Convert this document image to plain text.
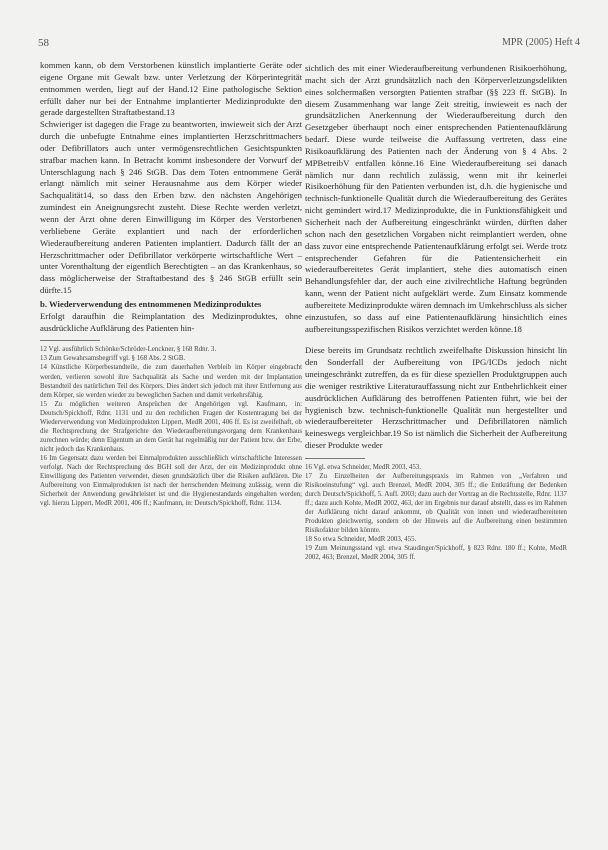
58	MPR (2005) Heft 4

kommen kann, ob dem Verstorbenen künstlich implantierte Geräte oder eigene Organe mit Gewalt bzw. unter Verletzung der Körperintegrität entnommen werden, liegt auf der Hand.12 Eine pathologische Sektion erfüllt daher nur bei der Entnahme implantierter Medizinprodukte den gerade dargestellten Straftatbestand.13

Schwieriger ist dagegen die Frage zu beantworten, inwieweit sich der Arzt durch die unbefugte Entnahme eines implantierten Herzschrittmachers oder Defibrillators auch unter vermögensrechtlichen Gesichtspunkten strafbar machen kann. In Betracht kommt insbesondere der Vorwurf der Unterschlagung nach § 246 StGB. Das dem Toten entnommene Gerät erlangt nämlich mit seiner Herausnahme aus dem Körper wieder Sachqualität14, so dass den Erben bzw. den nächsten Angehörigen zumindest ein Aneignungsrecht zusteht. Diese Rechte werden verletzt, wenn der Arzt ohne deren Einwilligung im Körper des Verstorbenen verbliebene Geräte explantiert und nach der erforderlichen Wiederaufbereitung anderen Patienten implantiert. Dadurch fällt der an Herzschrittmacher oder Defibrillator verkörperte wirtschaftliche Wert – unter Vorenthaltung der eigentlich Berechtigten – an das Krankenhaus, so dass möglicherweise der Straftatbestand des § 246 StGB erfüllt sein dürfte.15

b. Wiederverwendung des entnommenen Medizinproduktes

Erfolgt daraufhin die Reimplantation des Medizinproduktes, ohne ausdrückliche Aufklärung des Patienten hin-

12 Vgl. ausführlich Schönke/Schröder-Lenckner, § 168 Rdnr. 3.

13 Zum Gewahrsamsbegriff vgl. § 168 Abs. 2 StGB.

14 Künstliche Körperbestandteile, die zum dauerhaften Verbleib im Körper eingebracht werden, verlieren sowohl ihre Sachqualität als Sache und werden mit der Implantation Bestandteil des natürlichen Teil des Körpers. Dies ändert sich jedoch mit ihrer Entfernung aus dem Körper, sie werden wieder zu beweglichen Sachen und damit verkehrsfähig.

15 Zu möglichen weiteren Ansprüchen der Angehörigen vgl. Kaufmann, in: Deutsch/Spickhoff, Rdnr. 1131 und zu den rechtlichen Fragen der Kostentragung bei der Wiederverwendung von Medizinprodukten Lippert, MedR 2001, 406 ff. Es ist zweifelhaft, ob die Rechtsprechung der Strafgerichte den Wiederaufbereitungsvorgang dem Krankenhaus zurechnen würde; denn Eigentum an dem Gerät hat regelmäßig nur der Patient bzw. der Erbe, nicht jedoch das Krankenhaus.

16 Im Gegensatz dazu werden bei Einmalprodukten ausschließlich wirtschaftliche Interessen verfolgt. Nach der Rechtsprechung des BGH soll der Arzt, der ein Medizinprodukt ohne Einwilligung des Patienten verwendet, diesen grundsätzlich über die Risiken aufklären. Die Aufbereitung von Einmalprodukten ist nach der herrschenden Meinung zulässig, wenn die Sicherheit der Anwendung gewährleistet ist und die Hygienestandards eingehalten werden; vgl. hierzu Lippert, MedR 2001, 406 ff.; Kaufmann, in: Deutsch/Spickhoff, Rdnr. 1134.

sichtlich des mit einer Wiederaufbereitung verbundenen Risikoerhöhung, macht sich der Arzt grundsätzlich nach den Körperverletzungsdelikten eines solchermaßen versorgten Patienten strafbar (§§ 223 ff. StGB). In diesem Zusammenhang war lange Zeit streitig, inwieweit es nach der grundsätzlichen Anerkennung der Wiederaufbereitung durch den Gesetzgeber überhaupt noch einer entsprechenden Patientenaufklärung bedarf. Diese wurde teilweise die Auffassung vertreten, dass eine Risikoaufklärung des Patienten nach der Änderung von § 4 Abs. 2 MPBetreibV entfallen könne.16 Eine Wiederaufbereitung sei danach nämlich nur dann rechtlich zulässig, wenn mit ihr keinerlei Risikoerhöhung für den Patienten verbunden ist, d.h. die hygienische und technisch-funktionelle Qualität durch die Wiederaufbereitung des Gerätes nicht gemindert wird.17 Medizinprodukte, die in Funktionsfähigkeit und Sicherheit nach der Aufbereitung eingeschränkt würden, dürften daher schon nach den gesetzlichen Vorgaben nicht reimplantiert werden, ohne dass zuvor eine entsprechende Patientenaufklärung erfolgt sei. Werde trotz entsprechender Gefahren für die Patientensicherheit ein wiederaufbereitetes Gerät implantiert, stehe dies automatisch einen Behandlungsfehler dar, der auch eine zivilrechtliche Haftung begründen kann, wenn der Patient nicht aufgeklärt werde. Zum Einsatz kommende aufbereitete Medizinprodukte wären demnach im Umkehrschluss als sicher einzustufen, so dass auf eine Patientenaufklärung hinsichtlich eines aufbereitungsspezifischen Risikos verzichtet werden könne.18

Diese bereits im Grundsatz rechtlich zweifelhafte Diskussion hinsicht lin den Sonderfall der Aufbereitung von IPG/ICDs jedoch nicht uneingeschränkt zutreffen, da es für diese speziellen Produktgruppen auch die weniger restriktive Literaturauffassung nicht zur Entbehrlichkeit einer ausdrücklichen Aufklärung des betroffenen Patienten führt, wie bei der hygienisch bzw. technisch-funktionelle Qualität nun hergestellter und wiederaufbereiteter Herzschrittmacher und Defibrillatoren nämlich keineswegs vergleichbar.19 So ist nämlich die Sicherheit der Aufbereitung dieser Produkte weder

16 Vgl. etwa Schneider, MedR 2003, 453.

17 Zu Einzelheiten der Aufbereitungspraxis im Rahmen von „Verfahren und Risikoeinstufung“ vgl. auch Brenzel, MedR 2004, 305 ff.; die Entkräftung der Bedenken durch Deutsch/Spickhoff, 5. Aufl. 2003; dazu auch der Vortrag an die Rechtsstelle, Rdnr. 1137 ff.; dazu auch Kohte, MedR 2002, 463, der im Ergebnis nur darauf abstellt, dass es im Rahmen der Aufklärung nicht darauf ankommt, ob Qualität von innen und wiederaufbereiteten Produkten gleichwertig, sondern ob der Hinweis auf die Aufbereitung einen bestimmten Risikofaktor bilden könnte.

18 So etwa Schneider, MedR 2003, 455.

19 Zum Meinungsstand vgl. etwa Staudinger/Spickhoff, § 823 Rdnr. 180 ff.; Kohte, MedR 2002, 463; Brenzel, MedR 2004, 305 ff.
